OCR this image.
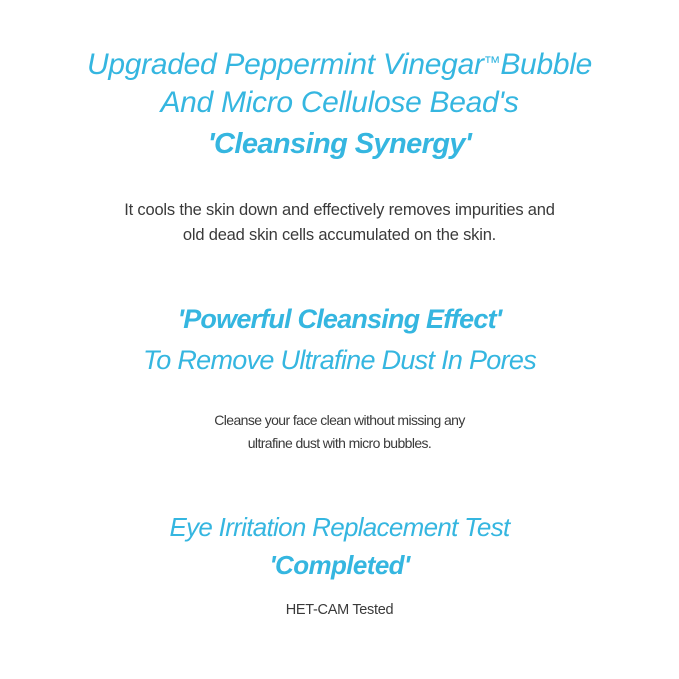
Upgraded Peppermint Vinegar™Bubble
And Micro Cellulose Bead's
'Cleansing Synergy'
It cools the skin down and effectively removes impurities and
old dead skin cells accumulated on the skin.
'Powerful Cleansing Effect'
To Remove Ultrafine Dust In Pores
Cleanse your face clean without missing any
ultrafine dust with micro bubbles.
Eye Irritation Replacement Test
'Completed'
HET-CAM Tested
